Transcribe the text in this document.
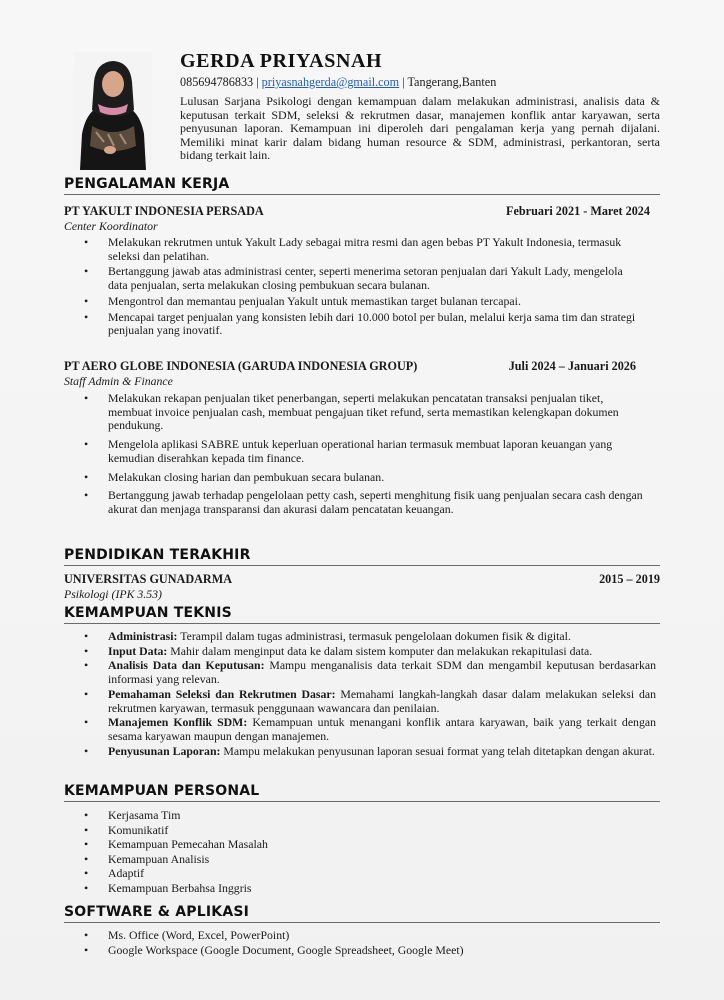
GERDA PRIYASNAH
085694786833 | priyasnahgerda@gmail.com | Tangerang,Banten
Lulusan Sarjana Psikologi dengan kemampuan dalam melakukan administrasi, analisis data & keputusan terkait SDM, seleksi & rekrutmen dasar, manajemen konflik antar karyawan, serta penyusunan laporan. Kemampuan ini diperoleh dari pengalaman kerja yang pernah dijalani. Memiliki minat karir dalam bidang human resource & SDM, administrasi, perkantoran, serta bidang terkait lain.
PENGALAMAN KERJA
PT YAKULT INDONESIA PERSADA	Februari 2021 - Maret 2024
Center Koordinator
• Melakukan rekrutmen untuk Yakult Lady sebagai mitra resmi dan agen bebas PT Yakult Indonesia, termasuk seleksi dan pelatihan.
• Bertanggung jawab atas administrasi center, seperti menerima setoran penjualan dari Yakult Lady, mengelola data penjualan, serta melakukan closing pembukuan secara bulanan.
• Mengontrol dan memantau penjualan Yakult untuk memastikan target bulanan tercapai.
• Mencapai target penjualan yang konsisten lebih dari 10.000 botol per bulan, melalui kerja sama tim dan strategi penjualan yang inovatif.
PT AERO GLOBE INDONESIA (GARUDA INDONESIA GROUP)	Juli 2024 – Januari 2026
Staff Admin & Finance
• Melakukan rekapan penjualan tiket penerbangan, seperti melakukan pencatatan transaksi penjualan tiket, membuat invoice penjualan cash, membuat pengajuan tiket refund, serta memastikan kelengkapan dokumen pendukung.
• Mengelola aplikasi SABRE untuk keperluan operational harian termasuk membuat laporan keuangan yang kemudian diserahkan kepada tim finance.
• Melakukan closing harian dan pembukuan secara bulanan.
• Bertanggung jawab terhadap pengelolaan petty cash, seperti menghitung fisik uang penjualan secara cash dengan akurat dan menjaga transparansi dan akurasi dalam pencatatan keuangan.
PENDIDIKAN TERAKHIR
UNIVERSITAS GUNADARMA	2015 – 2019
Psikologi (IPK 3.53)
KEMAMPUAN TEKNIS
• Administrasi: Terampil dalam tugas administrasi, termasuk pengelolaan dokumen fisik & digital.
• Input Data: Mahir dalam menginput data ke dalam sistem komputer dan melakukan rekapitulasi data.
• Analisis Data dan Keputusan: Mampu menganalisis data terkait SDM dan mengambil keputusan berdasarkan informasi yang relevan.
• Pemahaman Seleksi dan Rekrutmen Dasar: Memahami langkah-langkah dasar dalam melakukan seleksi dan rekrutmen karyawan, termasuk penggunaan wawancara dan penilaian.
• Manajemen Konflik SDM: Kemampuan untuk menangani konflik antara karyawan, baik yang terkait dengan sesama karyawan maupun dengan manajemen.
• Penyusunan Laporan: Mampu melakukan penyusunan laporan sesuai format yang telah ditetapkan dengan akurat.
KEMAMPUAN PERSONAL
• Kerjasama Tim
• Komunikatif
• Kemampuan Pemecahan Masalah
• Kemampuan Analisis
• Adaptif
• Kemampuan Berbahsa Inggris
SOFTWARE & APLIKASI
• Ms. Office (Word, Excel, PowerPoint)
• Google Workspace (Google Document, Google Spreadsheet, Google Meet)
